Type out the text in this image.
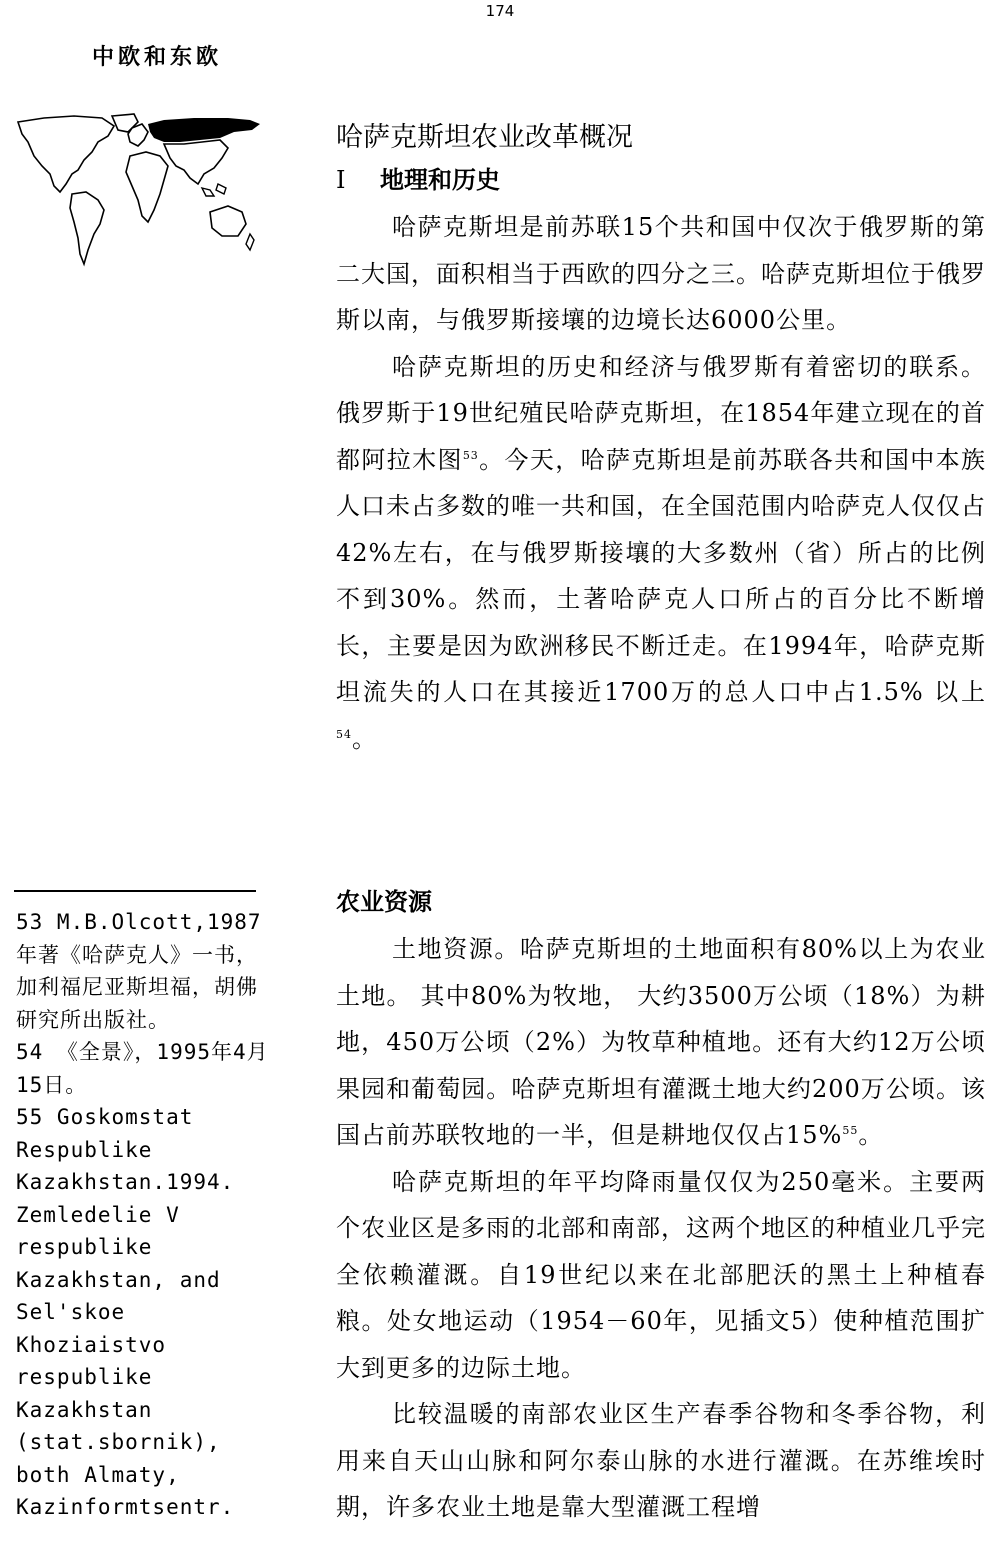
174
中欧和东欧
哈萨克斯坦农业改革概况
I 地理和历史

哈萨克斯坦是前苏联15个共和国中仅次于俄罗斯的第二大国，面积相当于西欧的四分之三。哈萨克斯坦位于俄罗斯以南，与俄罗斯接壤的边境长达6000公里。

哈萨克斯坦的历史和经济与俄罗斯有着密切的联系。俄罗斯于19世纪殖民哈萨克斯坦，在1854年建立现在的首都阿拉木图$^{53}$。今天，哈萨克斯坦是前苏联各共和国中本族人口未占多数的唯一共和国，在全国范围内哈萨克人仅仅占42%左右，在与俄罗斯接壤的大多数州（省）所占的比例不到30%。然而，土著哈萨克人口所占的百分比不断增长，主要是因为欧洲移民不断迁走。在1994年，哈萨克斯坦流失的人口在其接近1700万的总人口中占1.5% 以上$^{54}$。

农业资源

土地资源。哈萨克斯坦的土地面积有80%以上为农业土地。 其中80%为牧地， 大约3500万公顷（18%）为耕地，450万公顷（2%）为牧草种植地。还有大约12万公顷果园和葡萄园。哈萨克斯坦有灌溉土地大约200万公顷。该国占前苏联牧地的一半，但是耕地仅仅占15%$^{55}$。

哈萨克斯坦的年平均降雨量仅仅为250毫米。主要两个农业区是多雨的北部和南部，这两个地区的种植业几乎完全依赖灌溉。自19世纪以来在北部肥沃的黑土上种植春粮。处女地运动（1954－60年，见插文5）使种植范围扩大到更多的边际土地。

比较温暖的南部农业区生产春季谷物和冬季谷物，利用来自天山山脉和阿尔泰山脉的水进行灌溉。在苏维埃时期，许多农业土地是靠大型灌溉工程增

53 M.B.Olcott,1987年著《哈萨克人》一书，加利福尼亚斯坦福，胡佛研究所出版社。

54 《全景》，1995年4月15日。

55 Goskomstat Respublike Kazakhstan.1994. Zemledelie V respublike Kazakhstan, and Sel'skoe Khoziaistvo respublike Kazakhstan (stat.sbornik), both Almaty, Kazinformtsentr.
